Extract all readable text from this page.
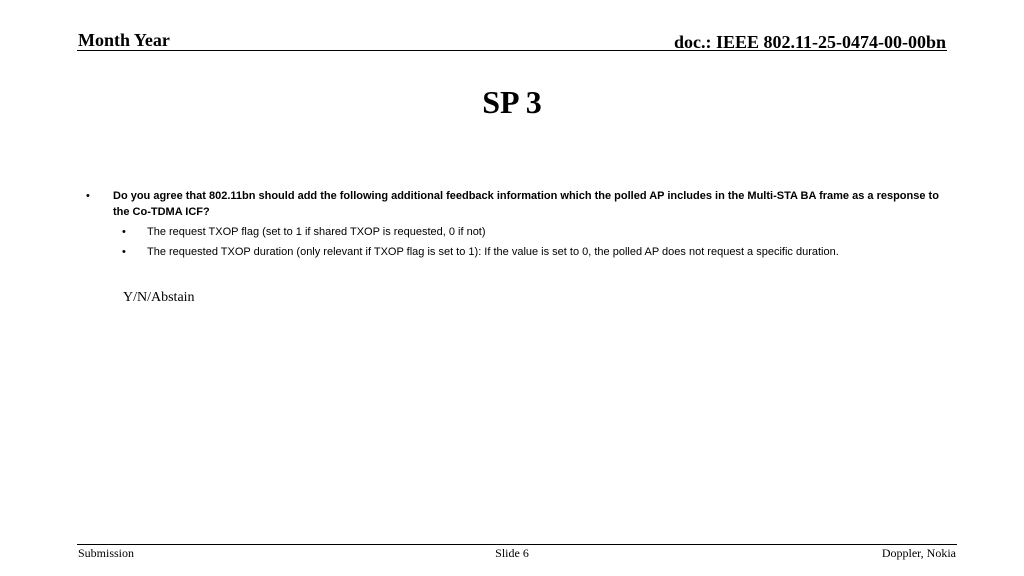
Month Year	doc.: IEEE 802.11-25-0474-00-00bn
SP 3
• Do you agree that 802.11bn should add the following additional feedback information which the polled AP includes in the Multi-STA BA frame as a response to the Co-TDMA ICF?
• The request TXOP flag (set to 1 if shared TXOP is requested, 0 if not)
• The requested TXOP duration (only relevant if TXOP flag is set to 1): If the value is set to 0, the polled AP does not request a specific duration.
Y/N/Abstain
Submission	Slide 6	Doppler, Nokia
